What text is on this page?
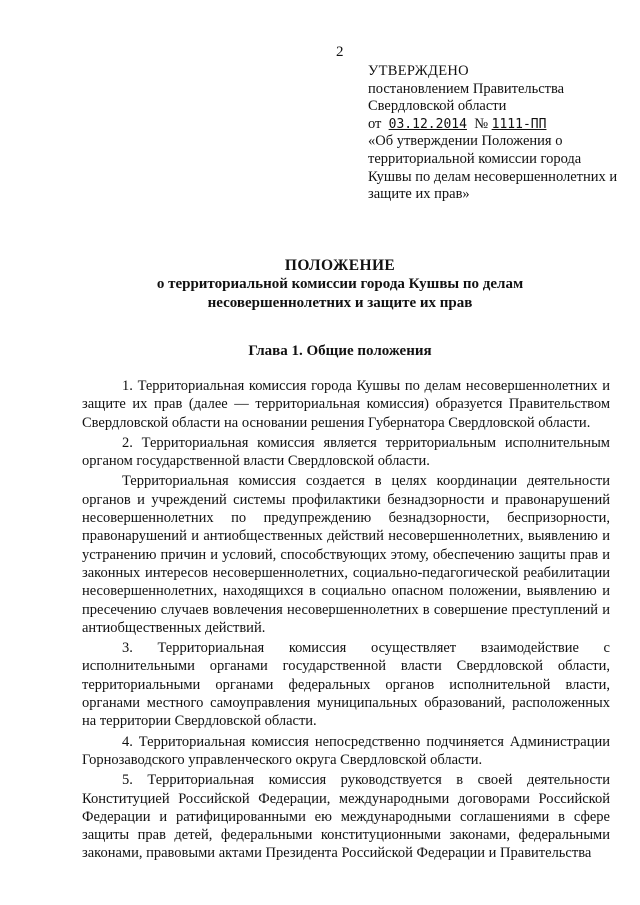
2
УТВЕРЖДЕНО
постановлением Правительства
Свердловской области
от 03.12.2014 № 1111-ПП
«Об утверждении Положения о территориальной комиссии города Кушвы по делам несовершеннолетних и защите их прав»
ПОЛОЖЕНИЕ
о территориальной комиссии города Кушвы по делам
несовершеннолетних и защите их прав
Глава 1. Общие положения

1. Территориальная комиссия города Кушвы по делам несовершеннолетних и защите их прав (далее — территориальная комиссия) образуется Правительством Свердловской области на основании решения Губернатора Свердловской области.

2. Территориальная комиссия является территориальным исполнительным органом государственной власти Свердловской области.

Территориальная комиссия создается в целях координации деятельности органов и учреждений системы профилактики безнадзорности и правонарушений несовершеннолетних по предупреждению безнадзорности, беспризорности, правонарушений и антиобщественных действий несовершеннолетних, выявлению и устранению причин и условий, способствующих этому, обеспечению защиты прав и законных интересов несовершеннолетних, социально-педагогической реабилитации несовершеннолетних, находящихся в социально опасном положении, выявлению и пресечению случаев вовлечения несовершеннолетних в совершение преступлений и антиобщественных действий.

3. Территориальная комиссия осуществляет взаимодействие с исполнительными органами государственной власти Свердловской области, территориальными органами федеральных органов исполнительной власти, органами местного самоуправления муниципальных образований, расположенных на территории Свердловской области.

4. Территориальная комиссия непосредственно подчиняется Администрации Горнозаводского управленческого округа Свердловской области.

5. Территориальная комиссия руководствуется в своей деятельности Конституцией Российской Федерации, международными договорами Российской Федерации и ратифицированными ею международными соглашениями в сфере защиты прав детей, федеральными конституционными законами, федеральными законами, правовыми актами Президента Российской Федерации и Правительства
